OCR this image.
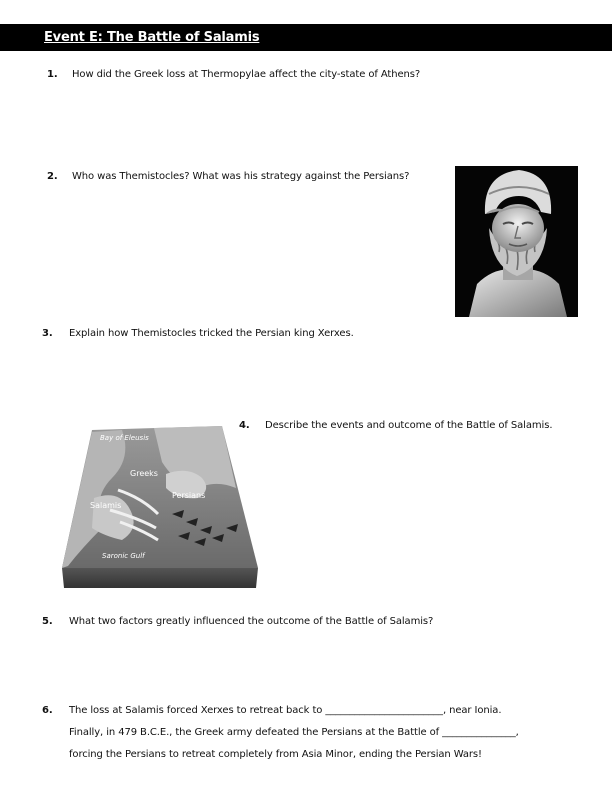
Event E: The Battle of Salamis
1. How did the Greek loss at Thermopylae affect the city-state of Athens?
2. Who was Themistocles? What was his strategy against the Persians?
3. Explain how Themistocles tricked the Persian king Xerxes.
4. Describe the events and outcome of the Battle of Salamis.
Bay of Eleusis
Greeks
Persians
Salamis
Saronic Gulf
5. What two factors greatly influenced the outcome of the Battle of Salamis?
6. The loss at Salamis forced Xerxes to retreat back to ________________________, near Ionia.
Finally, in 479 B.C.E., the Greek army defeated the Persians at the Battle of _______________,
forcing the Persians to retreat completely from Asia Minor, ending the Persian Wars!
